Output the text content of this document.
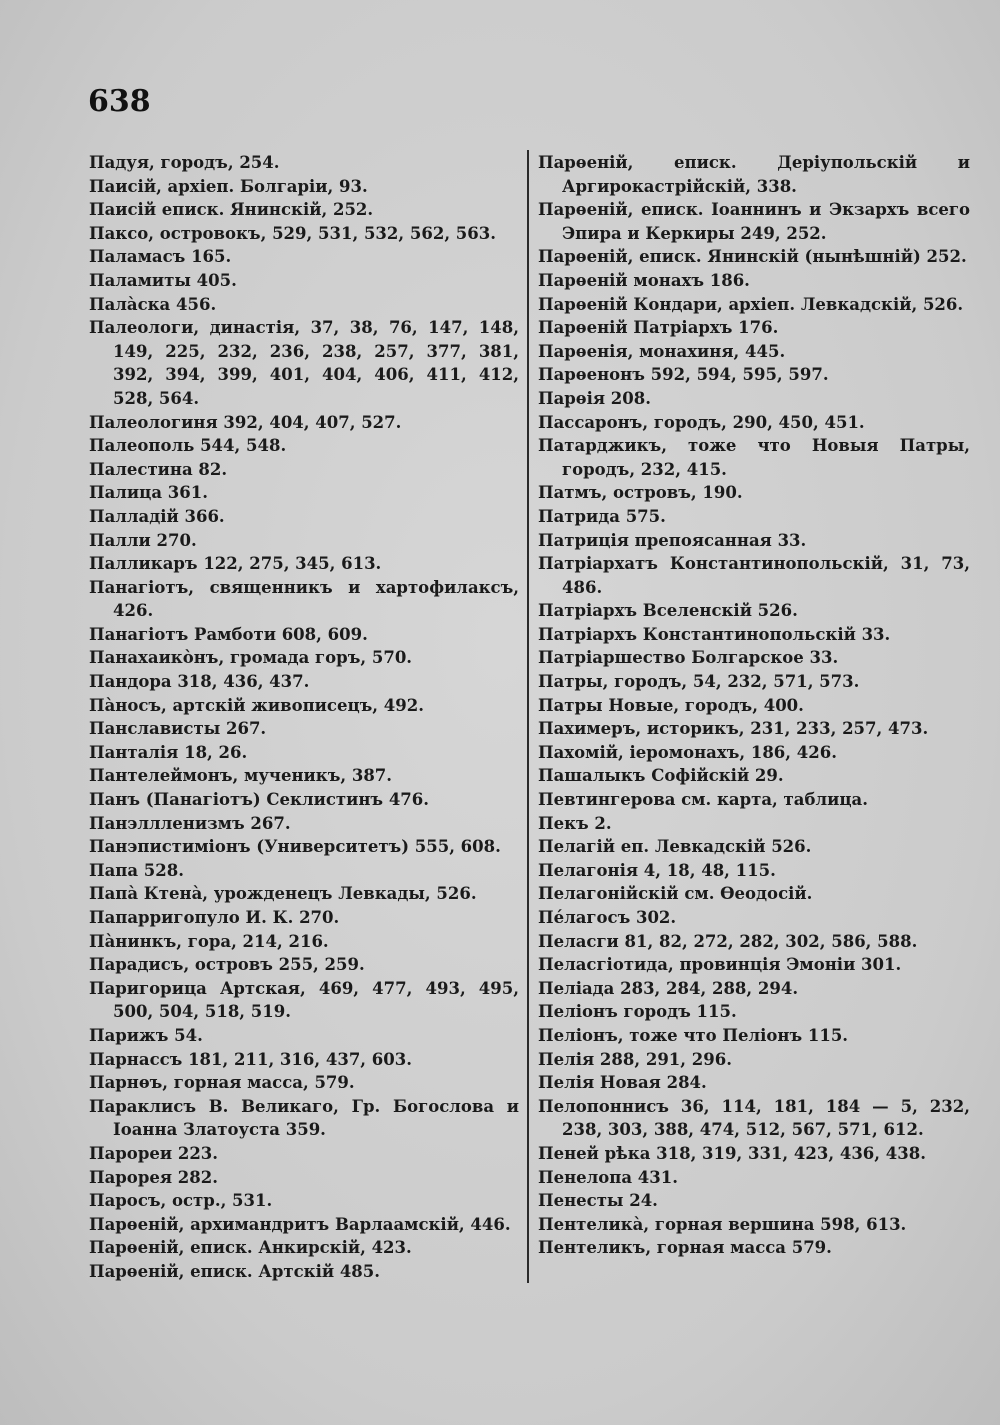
638
Падуя, городъ, 254.
Паисій, архіеп. Болгаріи, 93.
Паисій еписк. Янинскій, 252.
Паксо, островокъ, 529, 531, 532, 562, 563.
Паламасъ 165.
Паламиты 405.
Палàска 456.
Палеологи, династія, 37, 38, 76, 147, 148, 149, 225, 232, 236, 238, 257, 377, 381, 392, 394, 399, 401, 404, 406, 411, 412, 528, 564.
Палеологиня 392, 404, 407, 527.
Палеополь 544, 548.
Палестина 82.
Палица 361.
Палладій 366.
Палли 270.
Палликаръ 122, 275, 345, 613.
Панагіотъ, священникъ и хартофилаксъ, 426.
Панагіотъ Рамботи 608, 609.
Панахаикòнъ, громада горъ, 570.
Пандора 318, 436, 437.
Пàносъ, артскій живописецъ, 492.
Панслависты 267.
Панталія 18, 26.
Пантелеймонъ, мученикъ, 387.
Панъ (Панагіотъ) Секлистинъ 476.
Панэллленизмъ 267.
Панэпистиміонъ (Университетъ) 555, 608.
Папа 528.
Папà Ктенà, урожденецъ Левкады, 526.
Папарригопуло И. К. 270.
Пàнинкъ, гора, 214, 216.
Парадисъ, островъ 255, 259.
Паригорица Артская, 469, 477, 493, 495, 500, 504, 518, 519.
Парижъ 54.
Парнассъ 181, 211, 316, 437, 603.
Парнѳъ, горная масса, 579.
Параклисъ В. Великаго, Гр. Богослова и Іоанна Златоуста 359.
Пароpеи 223.
Парорея 282.
Паросъ, остр., 531.
Парѳеній, архимандритъ Варлаамскій, 446.
Парѳеній, еписк. Анкирскій, 423.
Парѳеній, еписк. Артскій 485.
Парѳеній, еписк. Деріупольскій и Аргирокастрійскій, 338.
Парѳеній, еписк. Іоаннинъ и Экзархъ всего Эпира и Керкиры 249, 252.
Парѳеній, еписк. Янинскій (нынѣшній) 252.
Парѳеній монахъ 186.
Парѳеній Кондари, архіеп. Левкадскій, 526.
Парѳеній Патріархъ 176.
Парѳенія, монахиня, 445.
Парѳенонъ 592, 594, 595, 597.
Парѳія 208.
Пассаронъ, городъ, 290, 450, 451.
Патарджикъ, тоже что Новыя Патры, городъ, 232, 415.
Патмъ, островъ, 190.
Патрида 575.
Патриція препоясанная 33.
Патріархатъ Константинопольскій, 31, 73, 486.
Патріархъ Вселенскій 526.
Патріархъ Константинопольскій 33.
Патріаршество Болгарское 33.
Патры, городъ, 54, 232, 571, 573.
Патры Новые, городъ, 400.
Пахимеръ, историкъ, 231, 233, 257, 473.
Пахомій, іеромонахъ, 186, 426.
Пашалыкъ Софійскій 29.
Певтингерова см. карта, таблица.
Пекъ 2.
Пелагій еп. Левкадскій 526.
Пелагонія 4, 18, 48, 115.
Пелагонійскій см. Ѳеодосій.
Пéлагосъ 302.
Пеласги 81, 82, 272, 282, 302, 586, 588.
Пеласгіотида, провинція Эмоніи 301.
Пеліада 283, 284, 288, 294.
Пеліонъ городъ 115.
Пеліонъ, тоже что Пеліонъ 115.
Пелія 288, 291, 296.
Пелія Новая 284.
Пелопоннисъ 36, 114, 181, 184 — 5, 232, 238, 303, 388, 474, 512, 567, 571, 612.
Пеней рѣка 318, 319, 331, 423, 436, 438.
Пенелопа 431.
Пенесты 24.
Пентеликà, горная вершина 598, 613.
Пентеликъ, горная масса 579.
